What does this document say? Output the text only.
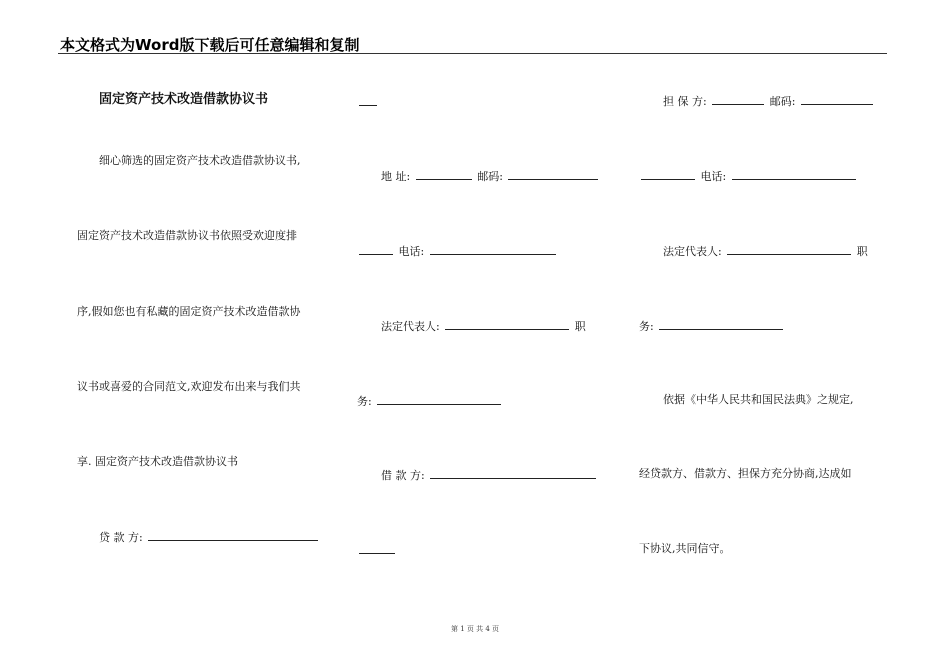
本文格式为Word版下载后可任意编辑和复制
固定资产技术改造借款协议书
细心筛选的固定资产技术改造借款协议书,
固定资产技术改造借款协议书依照受欢迎度排
序,假如您也有私藏的固定资产技术改造借款协
议书或喜爱的合同范文,欢迎发布出来与我们共
享. 固定资产技术改造借款协议书
贷 款 方:
地 址:	邮码:
电话:
法定代表人:	职
务:
借 款 方:
担 保 方:	邮码:
电话:
法定代表人:	职
务:
依据《中华人民共和国民法典》之规定,
经贷款方、借款方、担保方充分协商,达成如
下协议,共同信守。
第 1 页 共 4 页
